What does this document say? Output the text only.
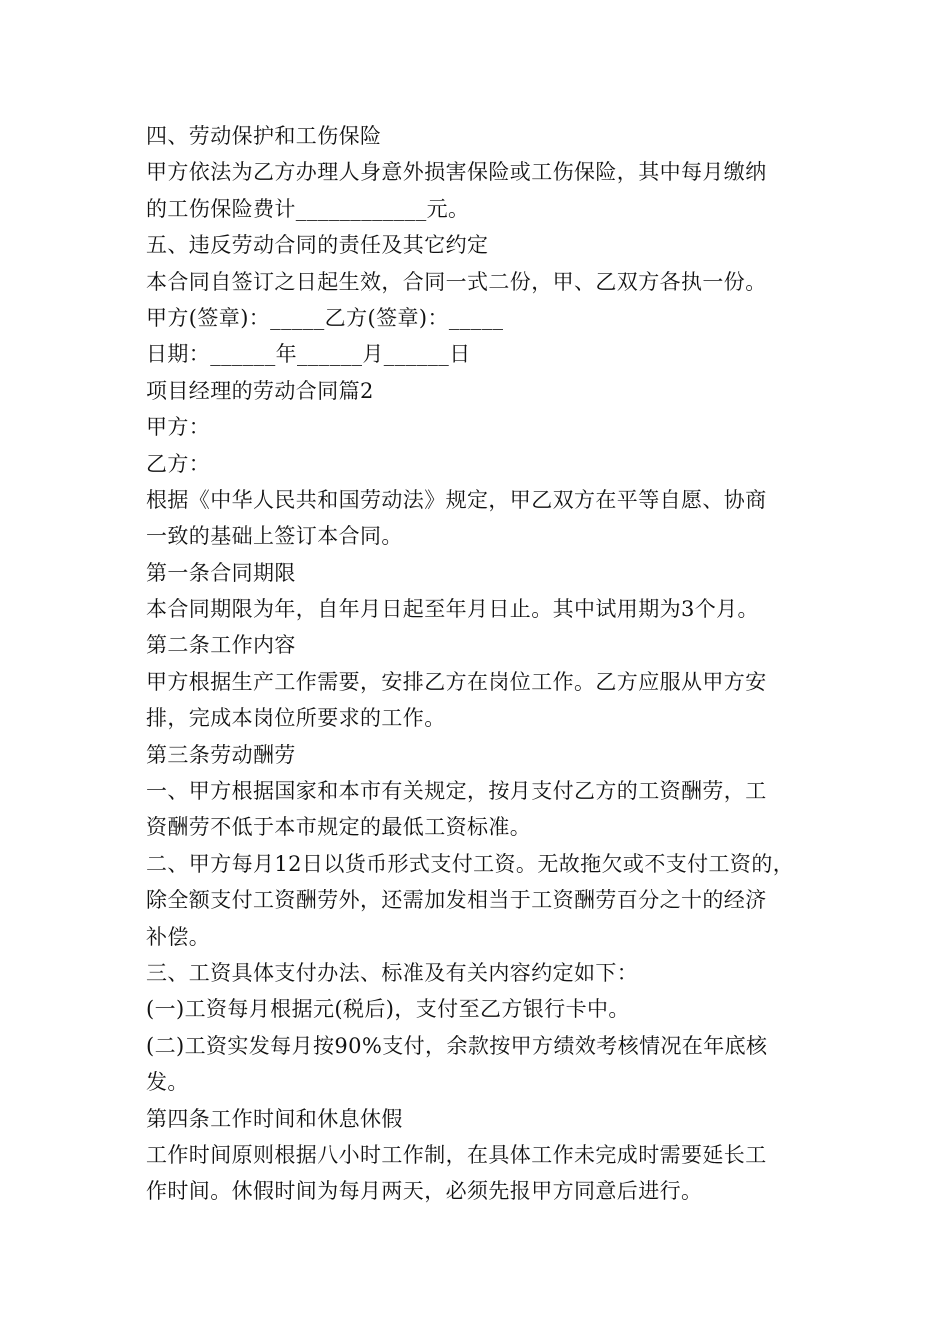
四、劳动保护和工伤保险
甲方依法为乙方办理人身意外损害保险或工伤保险，其中每月缴纳
的工伤保险费计____________元。
五、违反劳动合同的责任及其它约定
本合同自签订之日起生效，合同一式二份，甲、乙双方各执一份。
甲方(签章)：_____乙方(签章)：_____
日期：______年______月______日
项目经理的劳动合同篇2
甲方：
乙方：
根据《中华人民共和国劳动法》规定，甲乙双方在平等自愿、协商
一致的基础上签订本合同。
第一条合同期限
本合同期限为年，自年月日起至年月日止。其中试用期为3个月。
第二条工作内容
甲方根据生产工作需要，安排乙方在岗位工作。乙方应服从甲方安
排，完成本岗位所要求的工作。
第三条劳动酬劳
一、甲方根据国家和本市有关规定，按月支付乙方的工资酬劳，工
资酬劳不低于本市规定的最低工资标准。
二、甲方每月12日以货币形式支付工资。无故拖欠或不支付工资的，
除全额支付工资酬劳外，还需加发相当于工资酬劳百分之十的经济
补偿。
三、工资具体支付办法、标准及有关内容约定如下：
(一)工资每月根据元(税后)，支付至乙方银行卡中。
(二)工资实发每月按90%支付，余款按甲方绩效考核情况在年底核
发。
第四条工作时间和休息休假
工作时间原则根据八小时工作制，在具体工作未完成时需要延长工
作时间。休假时间为每月两天，必须先报甲方同意后进行。
